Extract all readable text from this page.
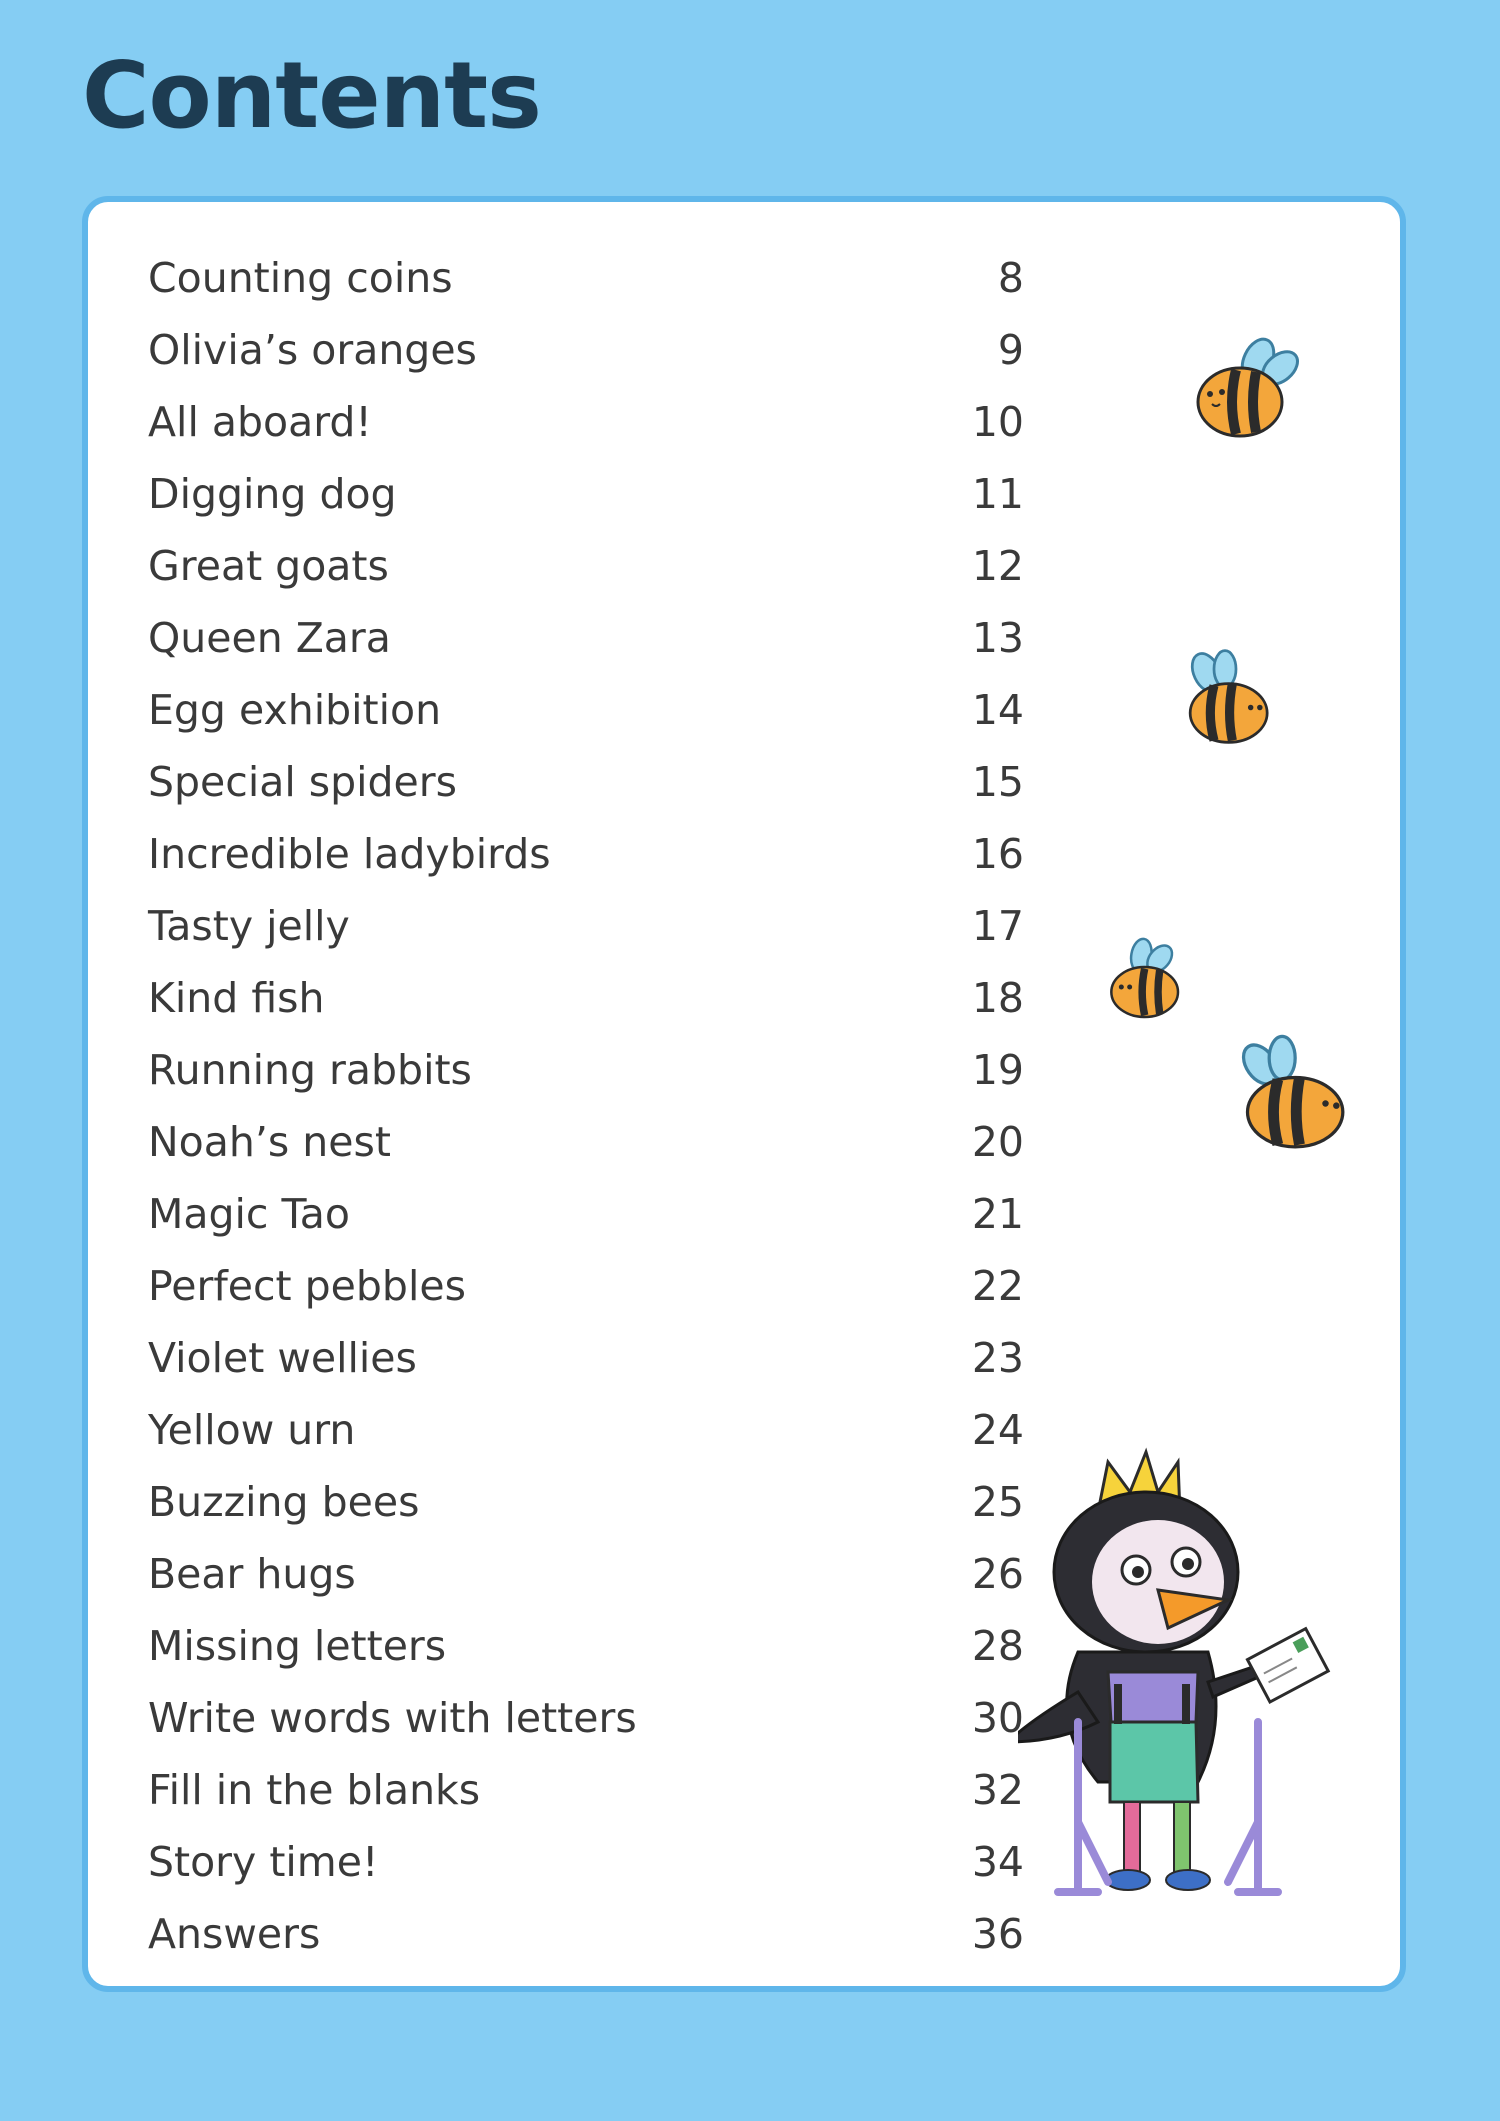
Contents
Counting coins	8
Olivia’s oranges	9
All aboard!	10
Digging dog	11
Great goats	12
Queen Zara	13
Egg exhibition	14
Special spiders	15
Incredible ladybirds	16
Tasty jelly	17
Kind fish	18
Running rabbits	19
Noah’s nest	20
Magic Tao	21
Perfect pebbles	22
Violet wellies	23
Yellow urn	24
Buzzing bees	25
Bear hugs	26
Missing letters	28
Write words with letters	30
Fill in the blanks	32
Story time!	34
Answers	36
